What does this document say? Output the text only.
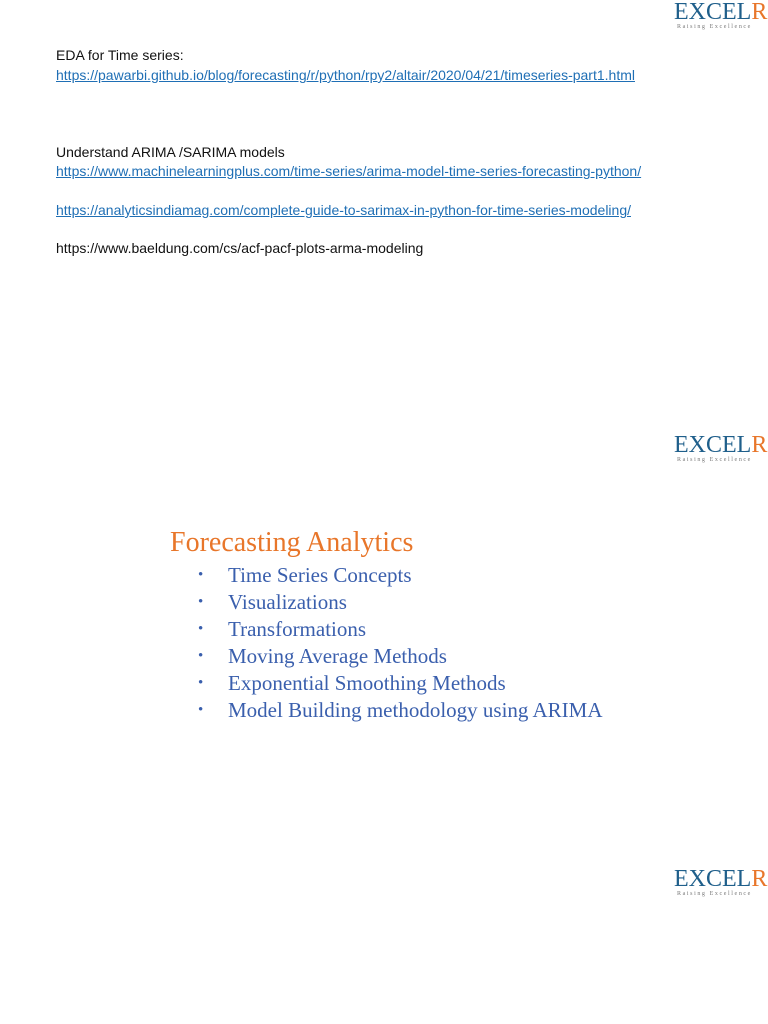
EXCELR
Raising Excellence
EDA for Time series:
https://pawarbi.github.io/blog/forecasting/r/python/rpy2/altair/2020/04/21/timeseries-part1.html
Understand ARIMA /SARIMA models
https://www.machinelearningplus.com/time-series/arima-model-time-series-forecasting-python/
https://analyticsindiamag.com/complete-guide-to-sarimax-in-python-for-time-series-modeling/
https://www.baeldung.com/cs/acf-pacf-plots-arma-modeling
EXCELR
Raising Excellence
Forecasting Analytics
• Time Series Concepts
• Visualizations
• Transformations
• Moving Average Methods
• Exponential Smoothing Methods
• Model Building methodology using ARIMA
EXCELR
Raising Excellence
